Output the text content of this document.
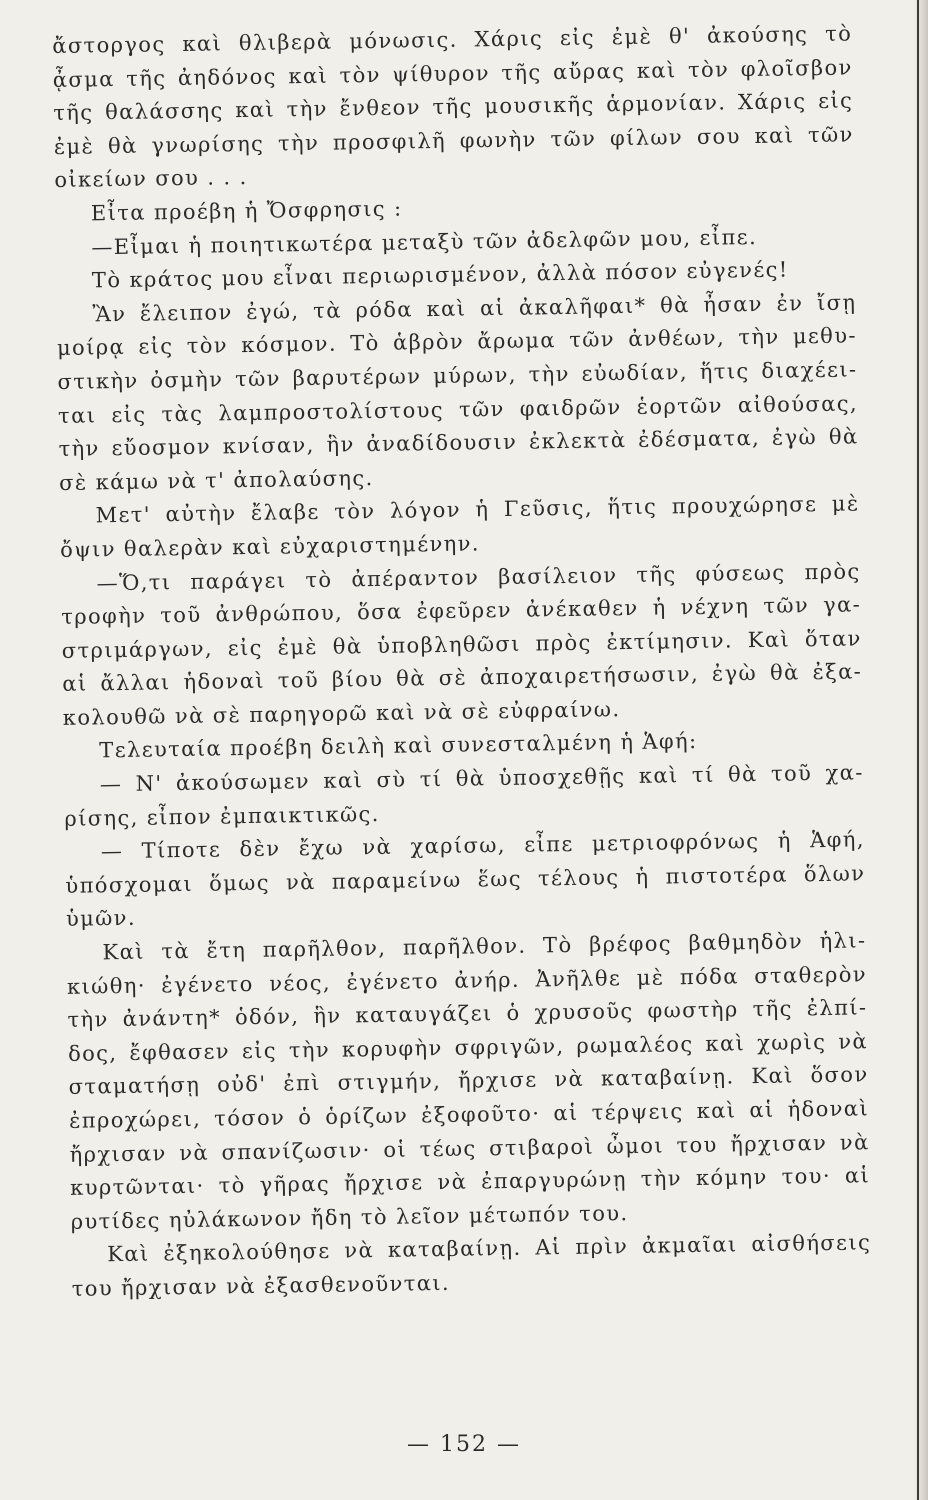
ἄστοργος καὶ θλιβερὰ μόνωσις. Χάρις εἰς ἐμὲ θ' ἀκούσης τὸ
ᾆσμα τῆς ἀηδόνος καὶ τὸν ψίθυρον τῆς αὔρας καὶ τὸν φλοῖσβον
τῆς θαλάσσης καὶ τὴν ἔνθεον τῆς μουσικῆς ἁρμονίαν. Χάρις εἰς
ἐμὲ θὰ γνωρίσης τὴν προσφιλῆ φωνὴν τῶν φίλων σου καὶ τῶν
οἰκείων σου . . .
Εἶτα προέβη ἡ Ὄσφρησις :
—Εἶμαι ἡ ποιητικωτέρα μεταξὺ τῶν ἀδελφῶν μου, εἶπε.
Τὸ κράτος μου εἶναι περιωρισμένον, ἀλλὰ πόσον εὐγενές!
Ἂν ἔλειπον ἐγώ, τὰ ρόδα καὶ αἱ ἀκαλῆφαι* θὰ ἦσαν ἐν ἴσῃ
μοίρᾳ εἰς τὸν κόσμον. Τὸ ἁβρὸν ἄρωμα τῶν ἀνθέων, τὴν μεθυ-
στικὴν ὀσμὴν τῶν βαρυτέρων μύρων, τὴν εὐωδίαν, ἥτις διαχέει-
ται εἰς τὰς λαμπροστολίστους τῶν φαιδρῶν ἑορτῶν αἰθούσας,
τὴν εὔοσμον κνίσαν, ἣν ἀναδίδουσιν ἐκλεκτὰ ἐδέσματα, ἐγὼ θὰ
σὲ κάμω νὰ τ' ἀπολαύσης.
Μετ' αὐτὴν ἔλαβε τὸν λόγον ἡ Γεῦσις, ἥτις προυχώρησε μὲ
ὄψιν θαλερὰν καὶ εὐχαριστημένην.
—Ὅ,τι παράγει τὸ ἀπέραντον βασίλειον τῆς φύσεως πρὸς
τροφὴν τοῦ ἀνθρώπου, ὅσα ἐφεῦρεν ἀνέκαθεν ἡ νέχνη τῶν γα-
στριμάργων, εἰς ἐμὲ θὰ ὑποβληθῶσι πρὸς ἐκτίμησιν. Καὶ ὅταν
αἱ ἄλλαι ἡδοναὶ τοῦ βίου θὰ σὲ ἀποχαιρετήσωσιν, ἐγὼ θὰ ἐξα-
κολουθῶ νὰ σὲ παρηγορῶ καὶ νὰ σὲ εὐφραίνω.
Τελευταία προέβη δειλὴ καὶ συνεσταλμένη ἡ Ἁφή:
— Ν' ἀκούσωμεν καὶ σὺ τί θὰ ὑποσχεθῇς καὶ τί θὰ τοῦ χα-
ρίσης, εἶπον ἐμπαικτικῶς.
— Τίποτε δὲν ἔχω νὰ χαρίσω, εἶπε μετριοφρόνως ἡ Ἁφή,
ὑπόσχομαι ὅμως νὰ παραμείνω ἕως τέλους ἡ πιστοτέρα ὅλων
ὑμῶν.
Καὶ τὰ ἔτη παρῆλθον, παρῆλθον. Τὸ βρέφος βαθμηδὸν ἡλι-
κιώθη· ἐγένετο νέος, ἐγένετο ἀνήρ. Ἀνῆλθε μὲ πόδα σταθερὸν
τὴν ἀνάντη* ὁδόν, ἣν καταυγάζει ὁ χρυσοῦς φωστὴρ τῆς ἐλπί-
δος, ἔφθασεν εἰς τὴν κορυφὴν σφριγῶν, ρωμαλέος καὶ χωρὶς νὰ
σταματήσῃ οὐδ' ἐπὶ στιγμήν, ἤρχισε νὰ καταβαίνῃ. Καὶ ὅσον
ἐπροχώρει, τόσον ὁ ὁρίζων ἐξοφοῦτο· αἱ τέρψεις καὶ αἱ ἡδοναὶ
ἤρχισαν νὰ σπανίζωσιν· οἱ τέως στιβαροὶ ὦμοι του ἤρχισαν νὰ
κυρτῶνται· τὸ γῆρας ἤρχισε νὰ ἐπαργυρώνῃ τὴν κόμην του· αἱ
ρυτίδες ηὐλάκωνον ἤδη τὸ λεῖον μέτωπόν του.
Καὶ ἐξηκολούθησε νὰ καταβαίνῃ. Αἱ πρὶν ἀκμαῖαι αἰσθήσεις
του ἤρχισαν νὰ ἐξασθενοῦνται.
— 152 —
